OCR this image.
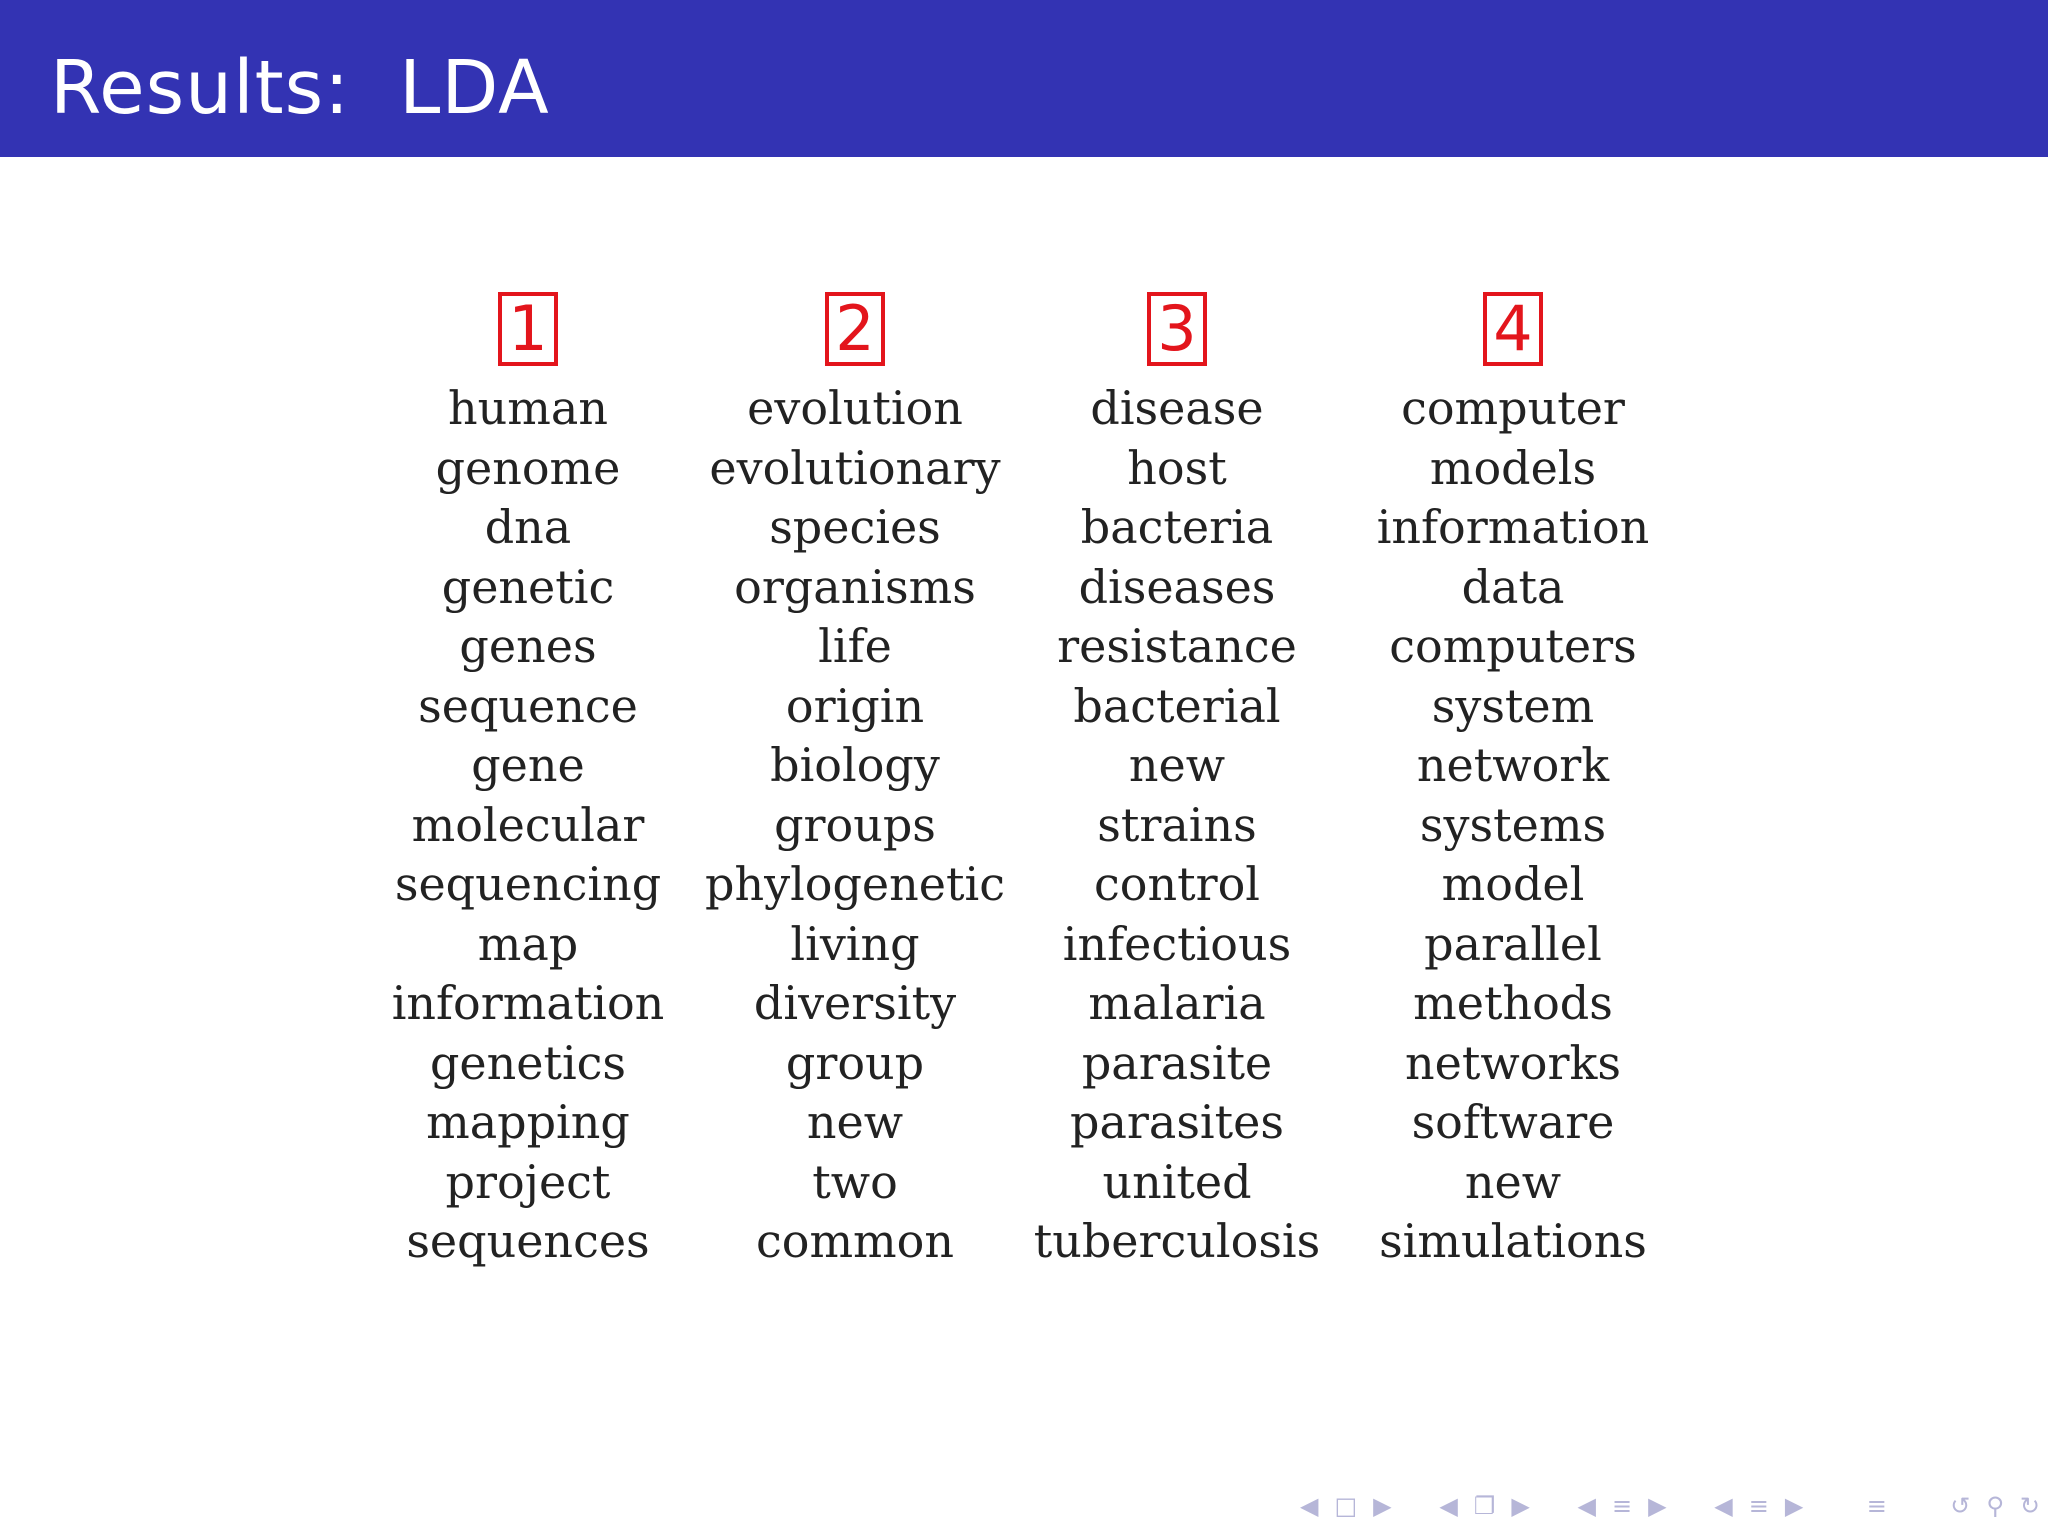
Results:  LDA
1
human
genome
dna
genetic
genes
sequence
gene
molecular
sequencing
map
information
genetics
mapping
project
sequences
2
evolution
evolutionary
species
organisms
life
origin
biology
groups
phylogenetic
living
diversity
group
new
two
common
3
disease
host
bacteria
diseases
resistance
bacterial
new
strains
control
infectious
malaria
parasite
parasites
united
tuberculosis
4
computer
models
information
data
computers
system
network
systems
model
parallel
methods
networks
software
new
simulations
◀ □ ▶ ◀ ❐ ▶ ◀ ≡ ▶ ◀ ≡ ▶	≡	↺ ⚲ ↻
